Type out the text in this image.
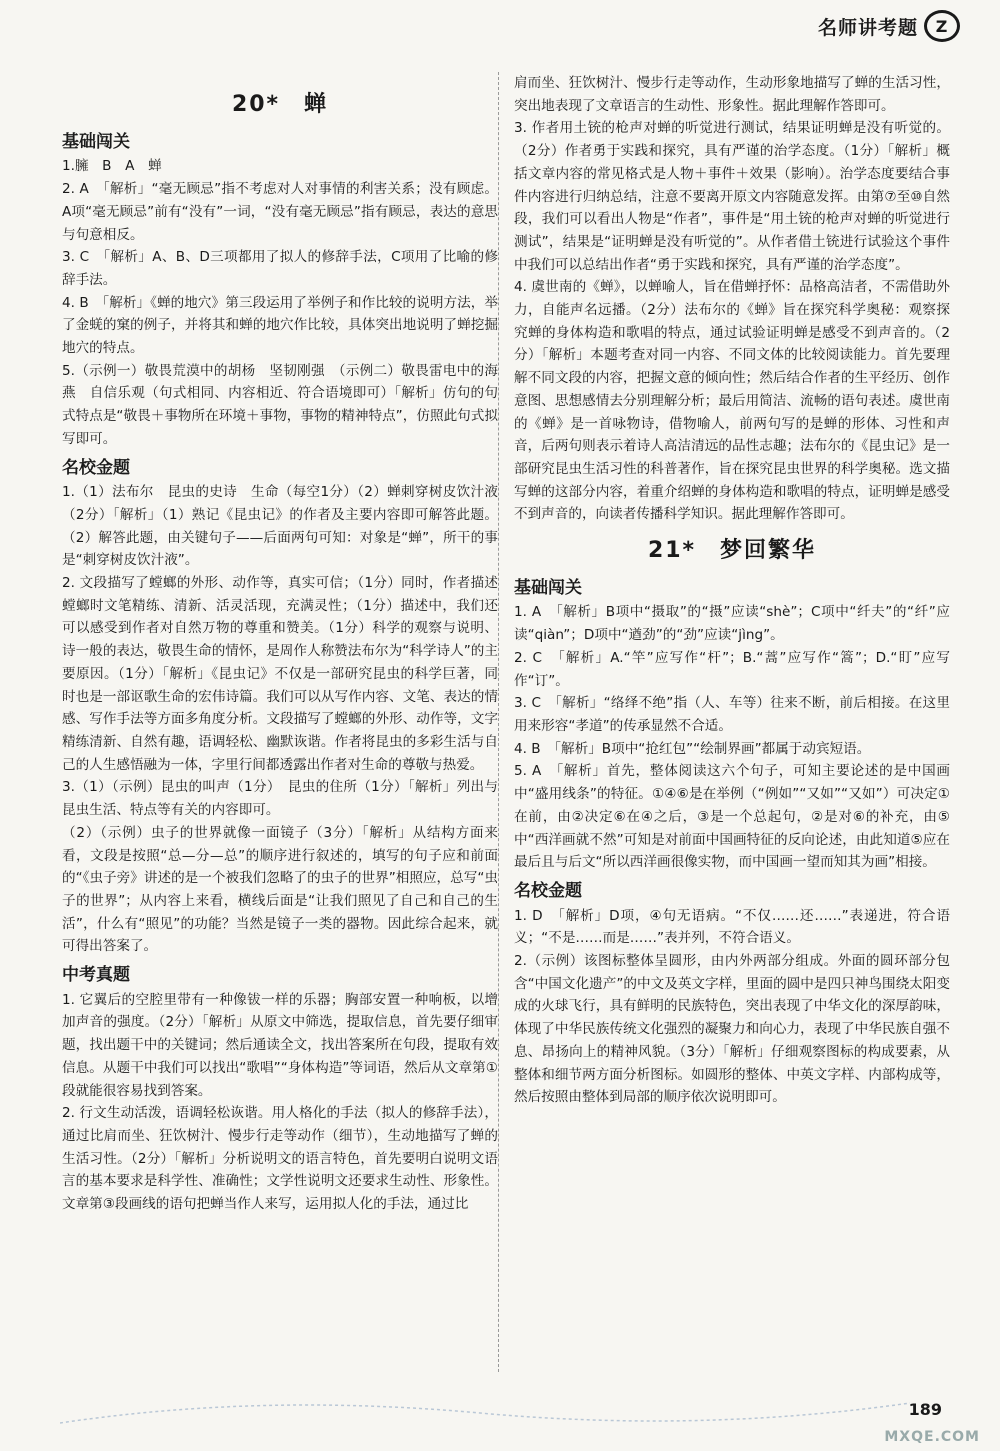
名师讲考题	Z
20*　蝉
基础闯关

1.臃　B　A　蝉

2. A　「解析」“毫无顾忌”指不考虑对人对事情的利害关系；没有顾虑。A项“毫无顾忌”前有“没有”一词，“没有毫无顾忌”指有顾忌，表达的意思与句意相反。

3. C　「解析」A、B、D三项都用了拟人的修辞手法，C项用了比喻的修辞手法。

4. B　「解析」《蝉的地穴》第三段运用了举例子和作比较的说明方法，举了金蜣的窠的例子，并将其和蝉的地穴作比较，具体突出地说明了蝉挖掘地穴的特点。

5.（示例一）敬畏荒漠中的胡杨　坚韧刚强　（示例二）敬畏雷电中的海燕　自信乐观（句式相同、内容相近、符合语境即可）「解析」仿句的句式特点是“敬畏＋事物所在环境＋事物，事物的精神特点”，仿照此句式拟写即可。

名校金题

1.（1）法布尔　昆虫的史诗　生命（每空1分）（2）蝉刺穿树皮饮汁液（2分）「解析」（1）熟记《昆虫记》的作者及主要内容即可解答此题。（2）解答此题，由关键句子——后面两句可知：对象是“蝉”，所干的事是“刺穿树皮饮汁液”。

2. 文段描写了螳螂的外形、动作等，真实可信；（1分）同时，作者描述螳螂时文笔精练、清新、活灵活现，充满灵性；（1分）描述中，我们还可以感受到作者对自然万物的尊重和赞美。（1分）科学的观察与说明、诗一般的表达，敬畏生命的情怀，是周作人称赞法布尔为“科学诗人”的主要原因。（1分）「解析」《昆虫记》不仅是一部研究昆虫的科学巨著，同时也是一部讴歌生命的宏伟诗篇。我们可以从写作内容、文笔、表达的情感、写作手法等方面多角度分析。文段描写了螳螂的外形、动作等，文字精练清新、自然有趣，语调轻松、幽默诙谐。作者将昆虫的多彩生活与自己的人生感悟融为一体，字里行间都透露出作者对生命的尊敬与热爱。

3.（1）（示例）昆虫的叫声（1分）　昆虫的住所（1分）「解析」列出与昆虫生活、特点等有关的内容即可。

（2）（示例）虫子的世界就像一面镜子（3分）「解析」从结构方面来看，文段是按照“总—分—总”的顺序进行叙述的，填写的句子应和前面的“《虫子旁》讲述的是一个被我们忽略了的虫子的世界”相照应，总写“虫子的世界”；从内容上来看，横线后面是“让我们照见了自己和自己的生活”，什么有“照见”的功能？当然是镜子一类的器物。因此综合起来，就可得出答案了。

中考真题

1. 它翼后的空腔里带有一种像钹一样的乐器；胸部安置一种响板，以增加声音的强度。（2分）「解析」从原文中筛选，提取信息，首先要仔细审题，找出题干中的关键词；然后通读全文，找出答案所在句段，提取有效信息。从题干中我们可以找出“歌唱”“身体构造”等词语，然后从文章第①段就能很容易找到答案。

2. 行文生动活泼，语调轻松诙谐。用人格化的手法（拟人的修辞手法），通过比肩而坐、狂饮树汁、慢步行走等动作（细节），生动地描写了蝉的生活习性。（2分）「解析」分析说明文的语言特色，首先要明白说明文语言的基本要求是科学性、准确性；文学性说明文还要求生动性、形象性。文章第③段画线的语句把蝉当作人来写，运用拟人化的手法，通过比

肩而坐、狂饮树汁、慢步行走等动作，生动形象地描写了蝉的生活习性，突出地表现了文章语言的生动性、形象性。据此理解作答即可。

3. 作者用土铳的枪声对蝉的听觉进行测试，结果证明蝉是没有听觉的。（2分）作者勇于实践和探究，具有严谨的治学态度。（1分）「解析」概括文章内容的常见格式是人物＋事件＋效果（影响）。治学态度要结合事件内容进行归纳总结，注意不要离开原文内容随意发挥。由第⑦至⑩自然段，我们可以看出人物是“作者”，事件是“用土铳的枪声对蝉的听觉进行测试”，结果是“证明蝉是没有听觉的”。从作者借土铳进行试验这个事件中我们可以总结出作者“勇于实践和探究，具有严谨的治学态度”。

4. 虞世南的《蝉》，以蝉喻人，旨在借蝉抒怀：品格高洁者，不需借助外力，自能声名远播。（2分）法布尔的《蝉》旨在探究科学奥秘：观察探究蝉的身体构造和歌唱的特点，通过试验证明蝉是感受不到声音的。（2分）「解析」本题考查对同一内容、不同文体的比较阅读能力。首先要理解不同文段的内容，把握文意的倾向性；然后结合作者的生平经历、创作意图、思想感情去分别理解分析；最后用简洁、流畅的语句表述。虞世南的《蝉》是一首咏物诗，借物喻人，前两句写的是蝉的形体、习性和声音，后两句则表示着诗人高洁清远的品性志趣；法布尔的《昆虫记》是一部研究昆虫生活习性的科普著作，旨在探究昆虫世界的科学奥秘。选文描写蝉的这部分内容，着重介绍蝉的身体构造和歌唱的特点，证明蝉是感受不到声音的，向读者传播科学知识。据此理解作答即可。

21*　梦回繁华
基础闯关

1. A　「解析」B项中“摄取”的“摄”应读“shè”；C项中“纤夫”的“纤”应读“qiàn”；D项中“遒劲”的“劲”应读“jìng”。

2. C　「解析」A.“竿”应写作“杆”；B.“蒿”应写作“篙”；D.“盯”应写作“订”。

3. C　「解析」“络绎不绝”指（人、车等）往来不断，前后相接。在这里用来形容“孝道”的传承显然不合适。

4. B　「解析」B项中“抢红包”“绘制界画”都属于动宾短语。

5. A　「解析」首先，整体阅读这六个句子，可知主要论述的是中国画中“盛用线条”的特征。①④⑥是在举例（“例如”“又如”“又如”）可决定①在前，由②决定⑥在④之后，③是一个总起句，②是对⑥的补充，由⑤中“西洋画就不然”可知是对前面中国画特征的反向论述，由此知道⑤应在最后且与后文“所以西洋画很像实物，而中国画一望而知其为画”相接。

名校金题

1. D　「解析」D项，④句无语病。“不仅……还……”表递进，符合语义；“不是……而是……”表并列，不符合语义。

2.（示例）该图标整体呈圆形，由内外两部分组成。外面的圆环部分包含“中国文化遗产”的中文及英文字样，里面的圆中是四只神鸟围绕太阳变成的火球飞行，具有鲜明的民族特色，突出表现了中华文化的深厚韵味，体现了中华民族传统文化强烈的凝聚力和向心力，表现了中华民族自强不息、昂扬向上的精神风貌。（3分）「解析」仔细观察图标的构成要素，从整体和细节两方面分析图标。如圆形的整体、中英文字样、内部构成等，然后按照由整体到局部的顺序依次说明即可。

189
MXQE.COM
